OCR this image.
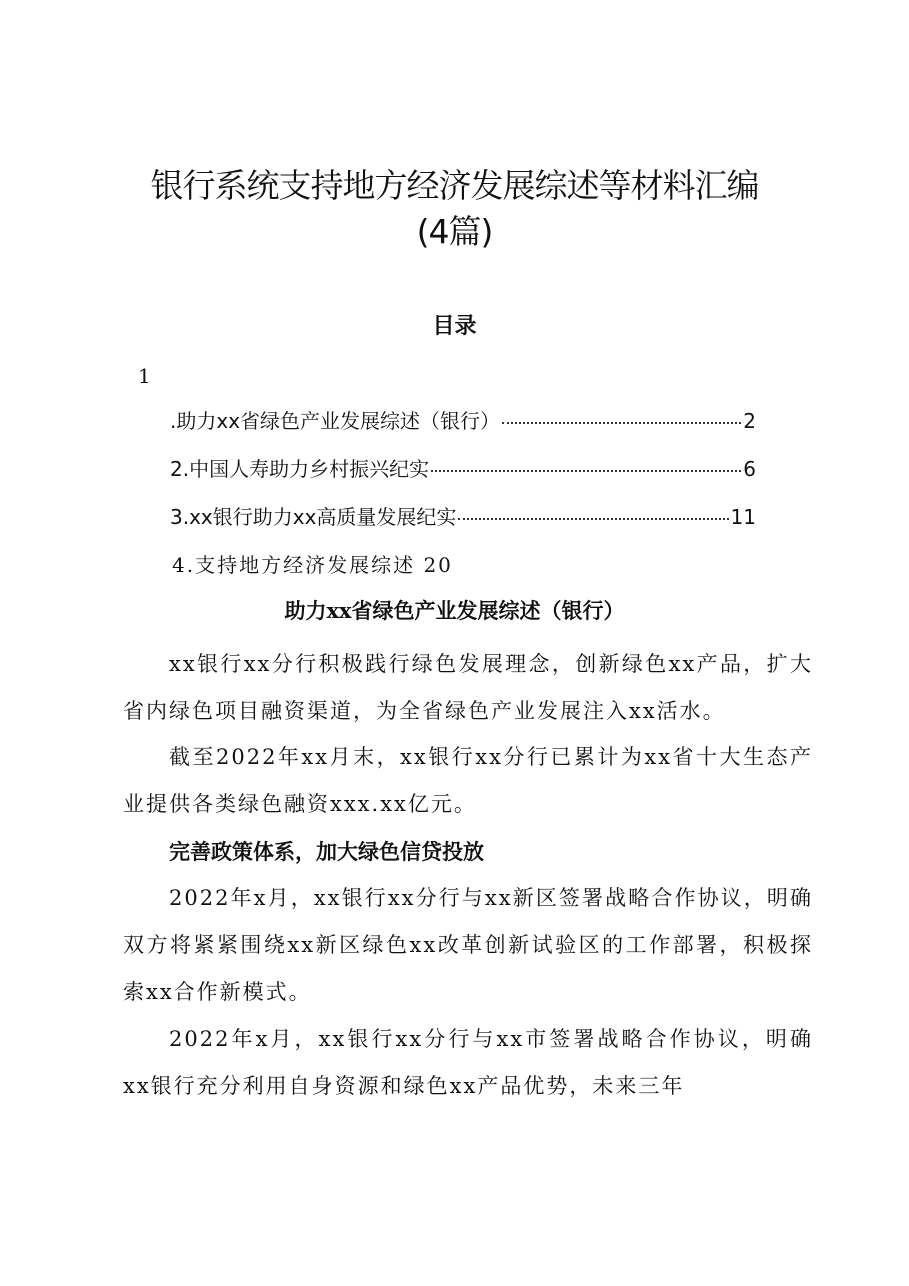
银行系统支持地方经济发展综述等材料汇编
(4篇)
目录
1
.助力xx省绿色产业发展综述（银行）	2
2.中国人寿助力乡村振兴纪实	6
3.xx银行助力xx高质量发展纪实	11
4.支持地方经济发展综述 20
助力xx省绿色产业发展综述（银行）

xx银行xx分行积极践行绿色发展理念，创新绿色xx产品，扩大省内绿色项目融资渠道，为全省绿色产业发展注入xx活水。

截至2022年xx月末，xx银行xx分行已累计为xx省十大生态产业提供各类绿色融资xxx.xx亿元。

完善政策体系，加大绿色信贷投放

2022年x月，xx银行xx分行与xx新区签署战略合作协议，明确双方将紧紧围绕xx新区绿色xx改革创新试验区的工作部署，积极探索xx合作新模式。

2022年x月，xx银行xx分行与xx市签署战略合作协议，明确xx银行充分利用自身资源和绿色xx产品优势，未来三年
